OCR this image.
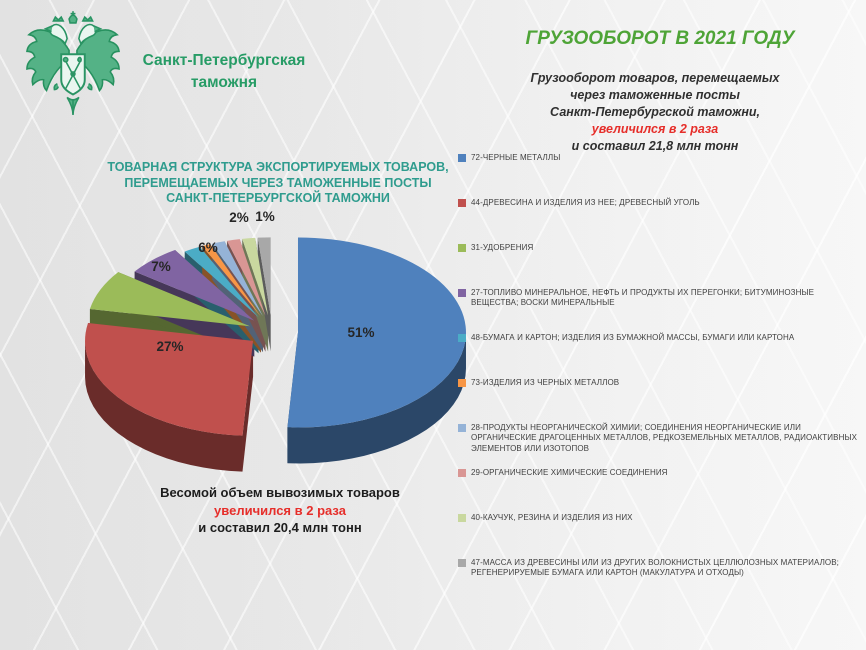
Санкт-Петербургская
таможня
ГРУЗООБОРОТ В 2021 ГОДУ
Грузооборот товаров, перемещаемых
через таможенные посты
Санкт-Петербургской таможни,
увеличился в 2 раза
и составил 21,8 млн тонн
ТОВАРНАЯ СТРУКТУРА ЭКСПОРТИРУЕМЫХ ТОВАРОВ,
ПЕРЕМЕЩАЕМЫХ ЧЕРЕЗ ТАМОЖЕННЫЕ ПОСТЫ
САНКТ-ПЕТЕРБУРГСКОЙ ТАМОЖНИ
51%
27%
7%
6%
2% 1%
72-ЧЕРНЫЕ МЕТАЛЛЫ
44-ДРЕВЕСИНА И ИЗДЕЛИЯ ИЗ НЕЕ; ДРЕВЕСНЫЙ УГОЛЬ
31-УДОБРЕНИЯ
27-ТОПЛИВО МИНЕРАЛЬНОЕ, НЕФТЬ И ПРОДУКТЫ ИХ ПЕРЕГОНКИ; БИТУМИНОЗНЫЕ ВЕЩЕСТВА; ВОСКИ МИНЕРАЛЬНЫЕ
48-БУМАГА И КАРТОН; ИЗДЕЛИЯ ИЗ БУМАЖНОЙ МАССЫ, БУМАГИ ИЛИ КАРТОНА
73-ИЗДЕЛИЯ ИЗ ЧЕРНЫХ МЕТАЛЛОВ
28-ПРОДУКТЫ НЕОРГАНИЧЕСКОЙ ХИМИИ; СОЕДИНЕНИЯ НЕОРГАНИЧЕСКИЕ ИЛИ ОРГАНИЧЕСКИЕ ДРАГОЦЕННЫХ МЕТАЛЛОВ, РЕДКОЗЕМЕЛЬНЫХ МЕТАЛЛОВ, РАДИОАКТИВНЫХ ЭЛЕМЕНТОВ ИЛИ ИЗОТОПОВ
29-ОРГАНИЧЕСКИЕ ХИМИЧЕСКИЕ СОЕДИНЕНИЯ
40-КАУЧУК, РЕЗИНА И ИЗДЕЛИЯ ИЗ НИХ
47-МАССА ИЗ ДРЕВЕСИНЫ ИЛИ ИЗ ДРУГИХ ВОЛОКНИСТЫХ ЦЕЛЛЮЛОЗНЫХ МАТЕРИАЛОВ; РЕГЕНЕРИРУЕМЫЕ БУМАГА ИЛИ КАРТОН (МАКУЛАТУРА И ОТХОДЫ)
Весомой объем вывозимых товаров
увеличился в 2 раза
и составил 20,4 млн тонн
